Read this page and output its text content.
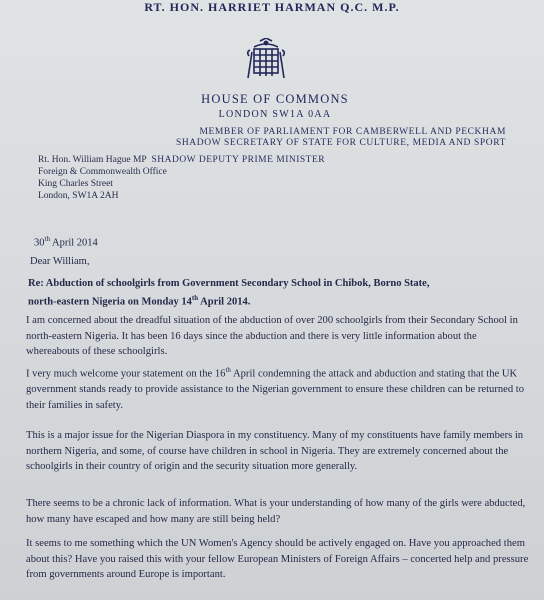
RT. HON. HARRIET HARMAN Q.C. M.P.
HOUSE OF COMMONS
LONDON SW1A 0AA
MEMBER OF PARLIAMENT FOR CAMBERWELL AND PECKHAM
SHADOW SECRETARY OF STATE FOR CULTURE, MEDIA AND SPORT
Rt. Hon. William Hague MP SHADOW DEPUTY PRIME MINISTER
Foreign & Commonwealth Office
King Charles Street
London, SW1A 2AH
30th April 2014
Dear William,
Re: Abduction of schoolgirls from Government Secondary School in Chibok, Borno State,
north-eastern Nigeria on Monday 14th April 2014.
I am concerned about the dreadful situation of the abduction of over 200 schoolgirls from their Secondary School in north-eastern Nigeria. It has been 16 days since the abduction and there is very little information about the whereabouts of these schoolgirls.
I very much welcome your statement on the 16th April condemning the attack and abduction and stating that the UK government stands ready to provide assistance to the Nigerian government to ensure these children can be returned to their families in safety.
This is a major issue for the Nigerian Diaspora in my constituency. Many of my constituents have family members in northern Nigeria, and some, of course have children in school in Nigeria. They are extremely concerned about the schoolgirls in their country of origin and the security situation more generally.
There seems to be a chronic lack of information. What is your understanding of how many of the girls were abducted, how many have escaped and how many are still being held?
It seems to me something which the UN Women's Agency should be actively engaged on. Have you approached them about this? Have you raised this with your fellow European Ministers of Foreign Affairs – concerted help and pressure from governments around Europe is important.
